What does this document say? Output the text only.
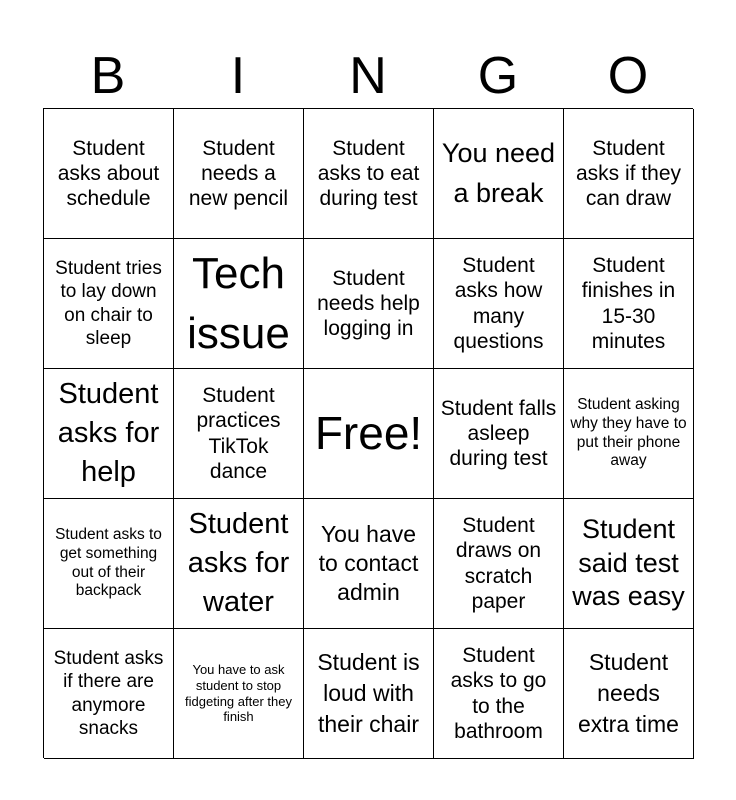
B	I	N	G	O
Student asks about schedule
Student needs a new pencil
Student asks to eat during test
You need a break
Student asks if they can draw
Student tries to lay down on chair to sleep
Tech issue
Student needs help logging in
Student asks how many questions
Student finishes in 15-30 minutes
Student asks for help
Student practices TikTok dance
Free! Student falls asleep during test
Student asking why they have to put their phone away
Student asks to get something out of their backpack
Student asks for water
You have to contact admin
Student draws on scratch paper
Student said test was easy
Student asks if there are anymore snacks
You have to ask student to stop fidgeting after they finish
Student is loud with their chair
Student asks to go to the bathroom
Student needs extra time
